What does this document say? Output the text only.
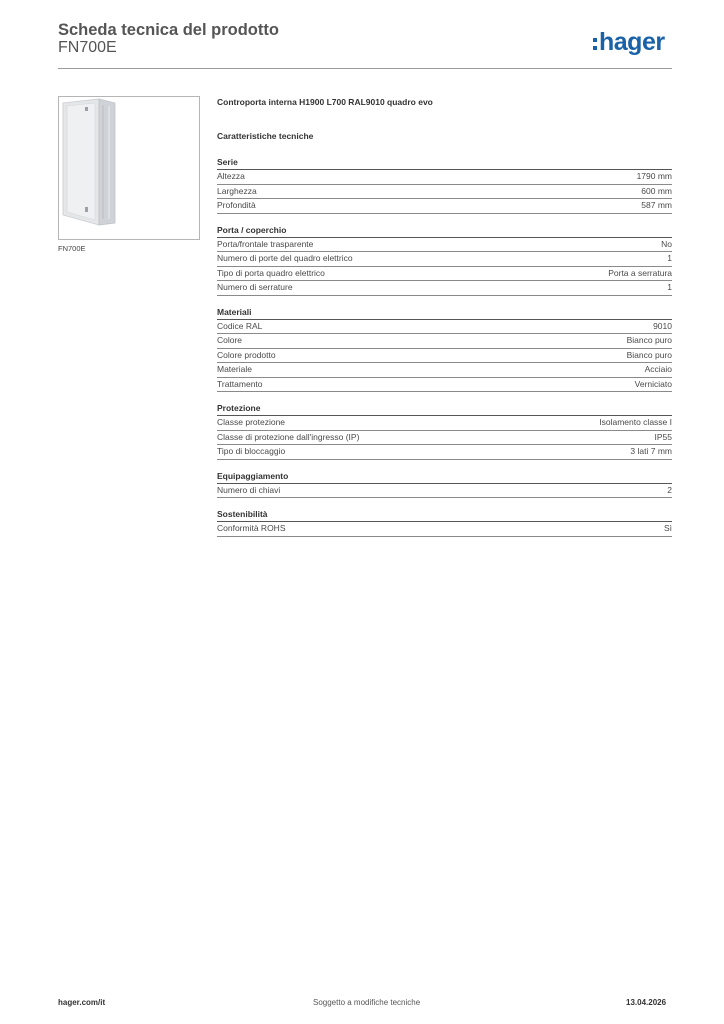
Scheda tecnica del prodotto
FN700E	hager
FN700E
Controporta interna H1900 L700 RAL9010 quadro evo
Caratteristiche tecniche
Serie
Altezza	1790 mm
Larghezza	600 mm
Profondità	587 mm
Porta / coperchio
Porta/frontale trasparente	No
Numero di porte del quadro elettrico	1
Tipo di porta quadro elettrico	Porta a serratura
Numero di serrature	1
Materiali
Codice RAL	9010
Colore	Bianco puro
Colore prodotto	Bianco puro
Materiale	Acciaio
Trattamento	Verniciato
Protezione
Classe protezione	Isolamento classe I
Classe di protezione dall'ingresso (IP)	IP55
Tipo di bloccaggio	3 lati 7 mm
Equipaggiamento
Numero di chiavi	2
Sostenibilità
Conformità ROHS	Sì
hager.com/it	Soggetto a modifiche tecniche	13.04.2026
